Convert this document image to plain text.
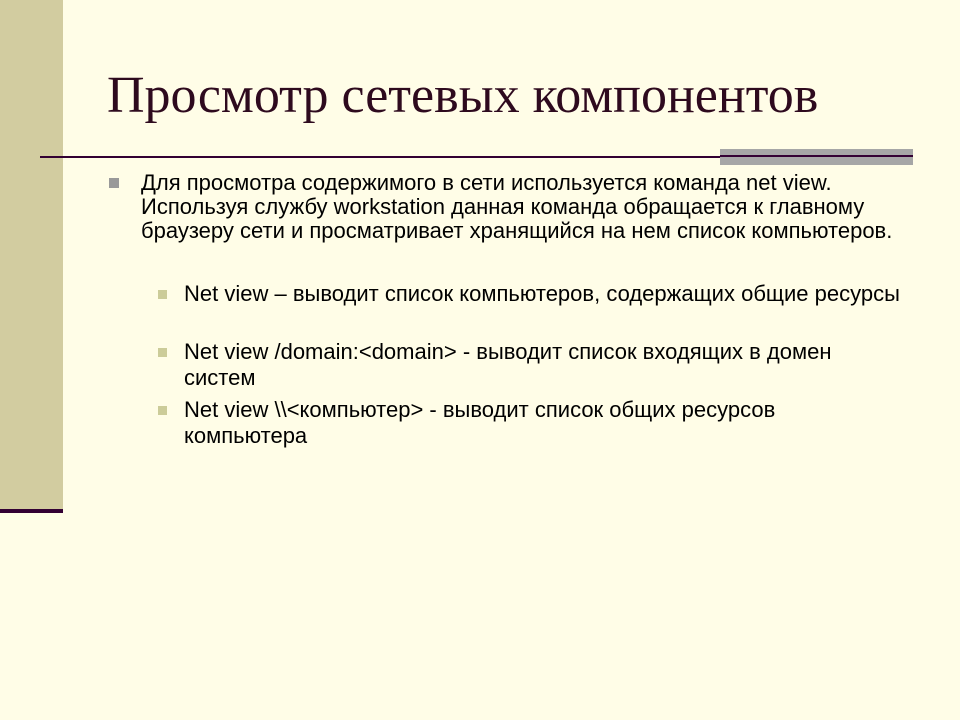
Просмотр сетевых компонентов
Для просмотра содержимого в сети используется команда net view. Используя службу workstation данная команда обращается к главному браузеру сети и просматривает хранящийся на нем список компьютеров.
Net view – выводит список компьютеров, содержащих общие ресурсы
Net view /domain:<domain> - выводит список входящих в домен систем
Net view \\<компьютер> - выводит список общих ресурсов компьютера
